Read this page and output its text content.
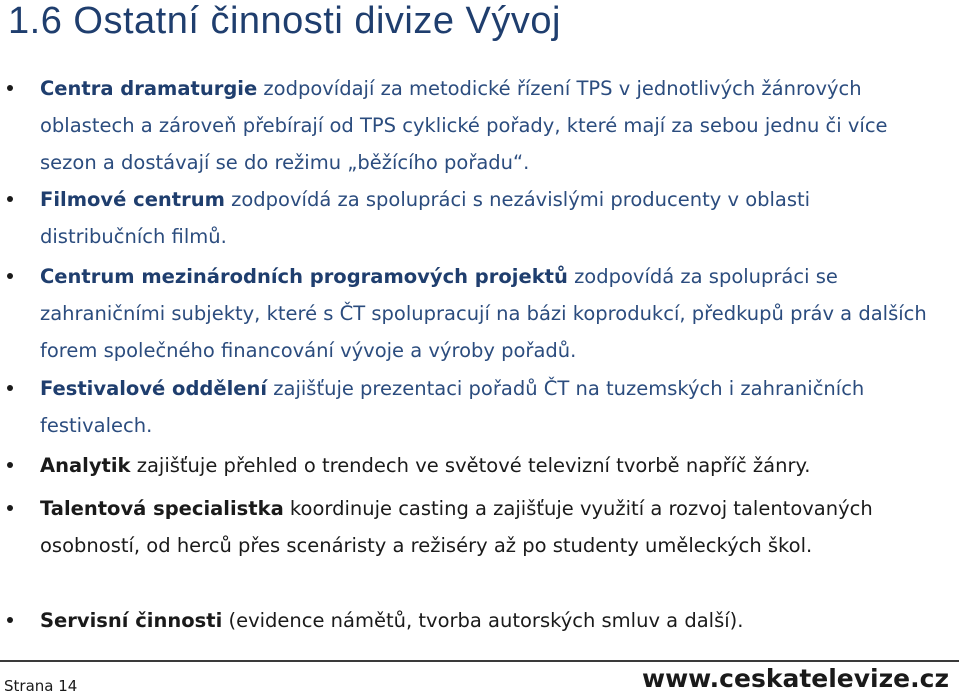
1.6 Ostatní činnosti divize Vývoj
Centra dramaturgie zodpovídají za metodické řízení TPS v jednotlivých žánrových oblastech a zároveň přebírají od TPS cyklické pořady, které mají za sebou jednu či více sezon a dostávají se do režimu „běžícího pořadu“.
Filmové centrum zodpovídá za spolupráci s nezávislými producenty v oblasti distribučních filmů.
Centrum mezinárodních programových projektů zodpovídá za spolupráci se zahraničními subjekty, které s ČT spolupracují na bázi koprodukcí, předkupů práv a dalších forem společného financování vývoje a výroby pořadů.
Festivalové oddělení zajišťuje prezentaci pořadů ČT na tuzemských i zahraničních festivalech.
Analytik zajišťuje přehled o trendech ve světové televizní tvorbě napříč žánry.
Talentová specialistka koordinuje casting a zajišťuje využití a rozvoj talentovaných osobností, od herců přes scenáristy a režiséry až po studenty uměleckých škol.
Servisní činnosti (evidence námětů, tvorba autorských smluv a další).
Strana 14	www.ceskatelevize.cz
